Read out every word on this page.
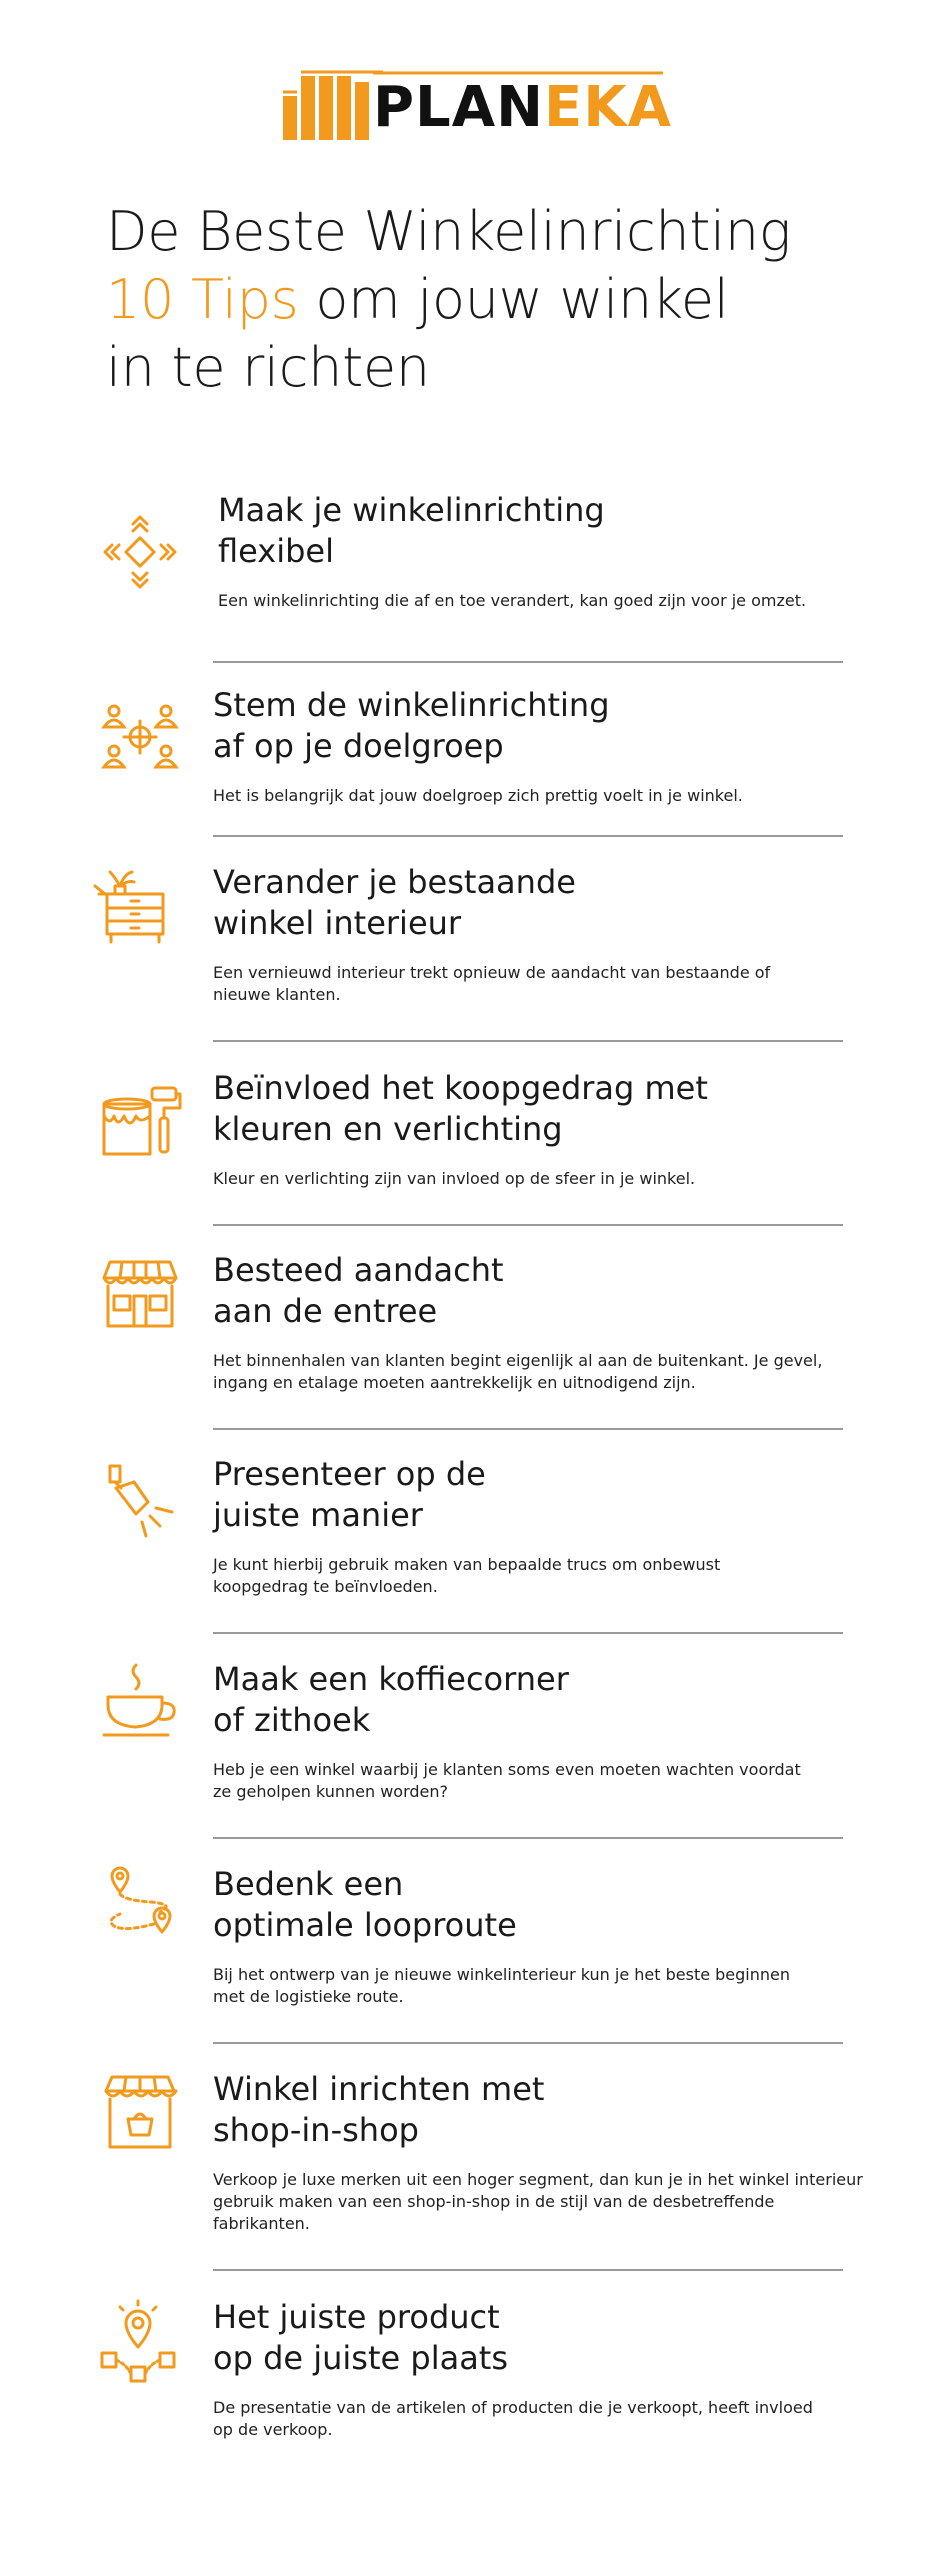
PLANEKA
De Beste Winkelinrichting
10 Tips om jouw winkel
in te richten
Maak je winkelinrichting
flexibel
Een winkelinrichting die af en toe verandert, kan goed zijn voor je omzet.
Stem de winkelinrichting
af op je doelgroep
Het is belangrijk dat jouw doelgroep zich prettig voelt in je winkel.
Verander je bestaande
winkel interieur
Een vernieuwd interieur trekt opnieuw de aandacht van bestaande of nieuwe klanten.
Beïnvloed het koopgedrag met
kleuren en verlichting
Kleur en verlichting zijn van invloed op de sfeer in je winkel.
Besteed aandacht
aan de entree
Het binnenhalen van klanten begint eigenlijk al aan de buitenkant. Je gevel, ingang en etalage moeten aantrekkelijk en uitnodigend zijn.
Presenteer op de
juiste manier
Je kunt hierbij gebruik maken van bepaalde trucs om onbewust koopgedrag te beïnvloeden.
Maak een koffiecorner
of zithoek
Heb je een winkel waarbij je klanten soms even moeten wachten voordat ze geholpen kunnen worden?
Bedenk een
optimale looproute
Bij het ontwerp van je nieuwe winkelinterieur kun je het beste beginnen met de logistieke route.
Winkel inrichten met
shop-in-shop
Verkoop je luxe merken uit een hoger segment, dan kun je in het winkel interieur gebruik maken van een shop-in-shop in de stijl van de desbetreffende fabrikanten.
Het juiste product
op de juiste plaats
De presentatie van de artikelen of producten die je verkoopt, heeft invloed op de verkoop.
